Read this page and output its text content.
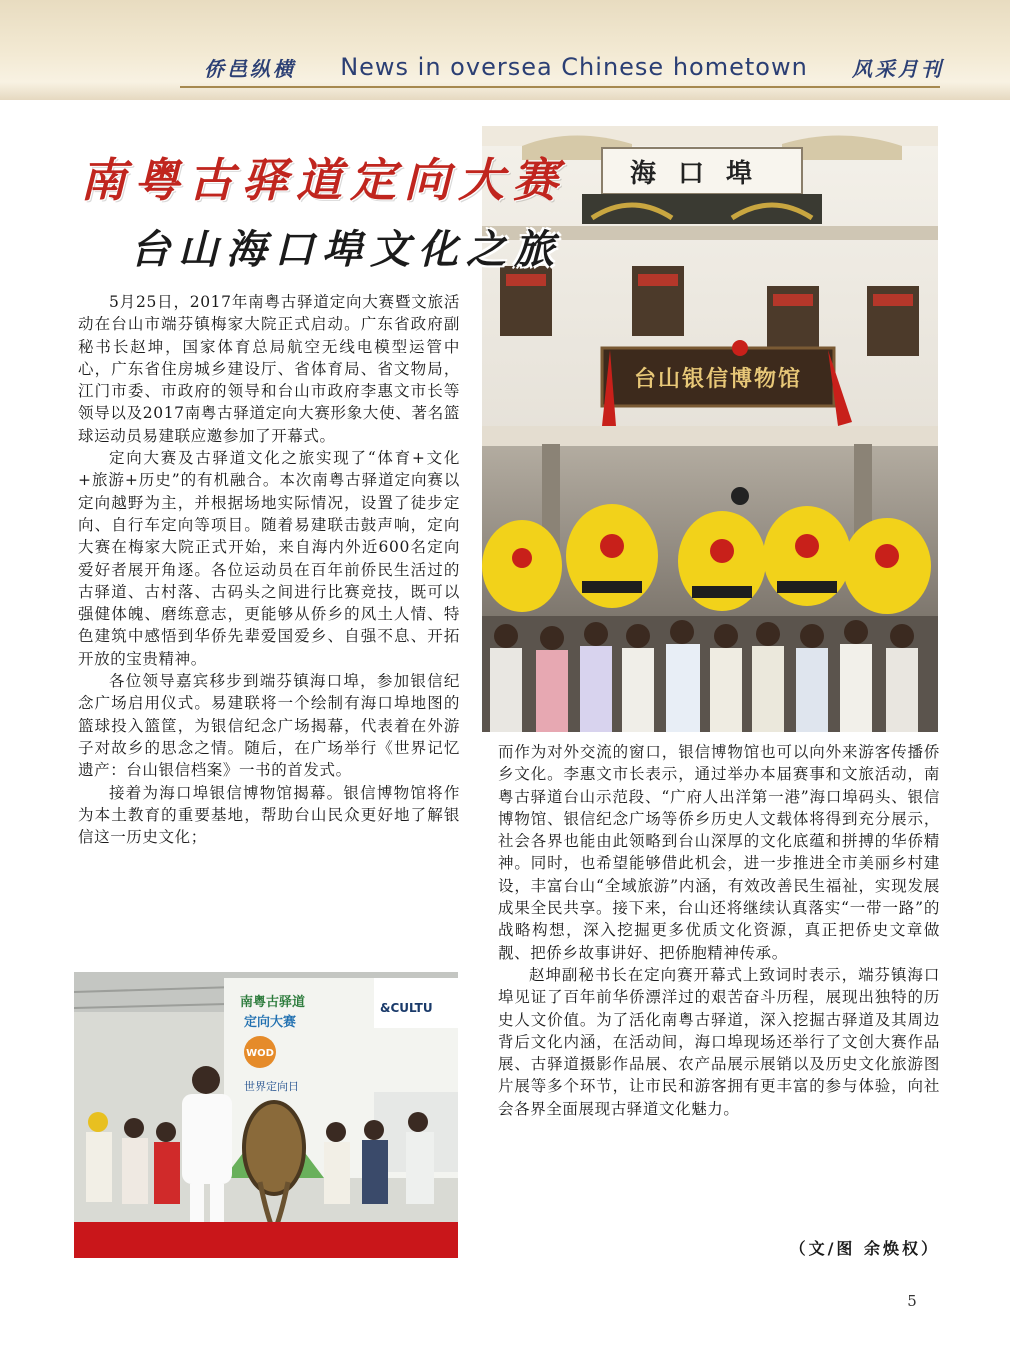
侨邑纵横 News in oversea Chinese hometown 风采月刊
海口埠
台山银信博物馆
南粤古驿道定向大赛
台山海口埠文化之旅

5月25日，2017年南粤古驿道定向大赛暨文旅活动在台山市端芬镇梅家大院正式启动。广东省政府副秘书长赵坤，国家体育总局航空无线电模型运管中心，广东省住房城乡建设厅、省体育局、省文物局，江门市委、市政府的领导和台山市政府李惠文市长等领导以及2017南粤古驿道定向大赛形象大使、著名篮球运动员易建联应邀参加了开幕式。

定向大赛及古驿道文化之旅实现了“体育+文化+旅游+历史”的有机融合。本次南粤古驿道定向赛以定向越野为主，并根据场地实际情况，设置了徒步定向、自行车定向等项目。随着易建联击鼓声响，定向大赛在梅家大院正式开始，来自海内外近600名定向爱好者展开角逐。各位运动员在百年前侨民生活过的古驿道、古村落、古码头之间进行比赛竞技，既可以强健体魄、磨练意志，更能够从侨乡的风土人情、特色建筑中感悟到华侨先辈爱国爱乡、自强不息、开拓开放的宝贵精神。

各位领导嘉宾移步到端芬镇海口埠，参加银信纪念广场启用仪式。易建联将一个绘制有海口埠地图的篮球投入篮筐，为银信纪念广场揭幕，代表着在外游子对故乡的思念之情。随后，在广场举行《世界记忆遗产：台山银信档案》一书的首发式。

接着为海口埠银信博物馆揭幕。银信博物馆将作为本土教育的重要基地，帮助台山民众更好地了解银信这一历史文化；

南粤古驿道
定向大赛
&CULTU
WOD
世界定向日

而作为对外交流的窗口，银信博物馆也可以向外来游客传播侨乡文化。李惠文市长表示，通过举办本届赛事和文旅活动，南粤古驿道台山示范段、“广府人出洋第一港”海口埠码头、银信博物馆、银信纪念广场等侨乡历史人文载体将得到充分展示，社会各界也能由此领略到台山深厚的文化底蕴和拼搏的华侨精神。同时，也希望能够借此机会，进一步推进全市美丽乡村建设，丰富台山“全域旅游”内涵，有效改善民生福祉，实现发展成果全民共享。接下来，台山还将继续认真落实“一带一路”的战略构想，深入挖掘更多优质文化资源，真正把侨史文章做靓、把侨乡故事讲好、把侨胞精神传承。

赵坤副秘书长在定向赛开幕式上致词时表示，端芬镇海口埠见证了百年前华侨漂洋过的艰苦奋斗历程，展现出独特的历史人文价值。为了活化南粤古驿道，深入挖掘古驿道及其周边背后文化内涵，在活动间，海口埠现场还举行了文创大赛作品展、古驿道摄影作品展、农产品展示展销以及历史文化旅游图片展等多个环节，让市民和游客拥有更丰富的参与体验，向社会各界全面展现古驿道文化魅力。

（文/图 余焕权）
5
